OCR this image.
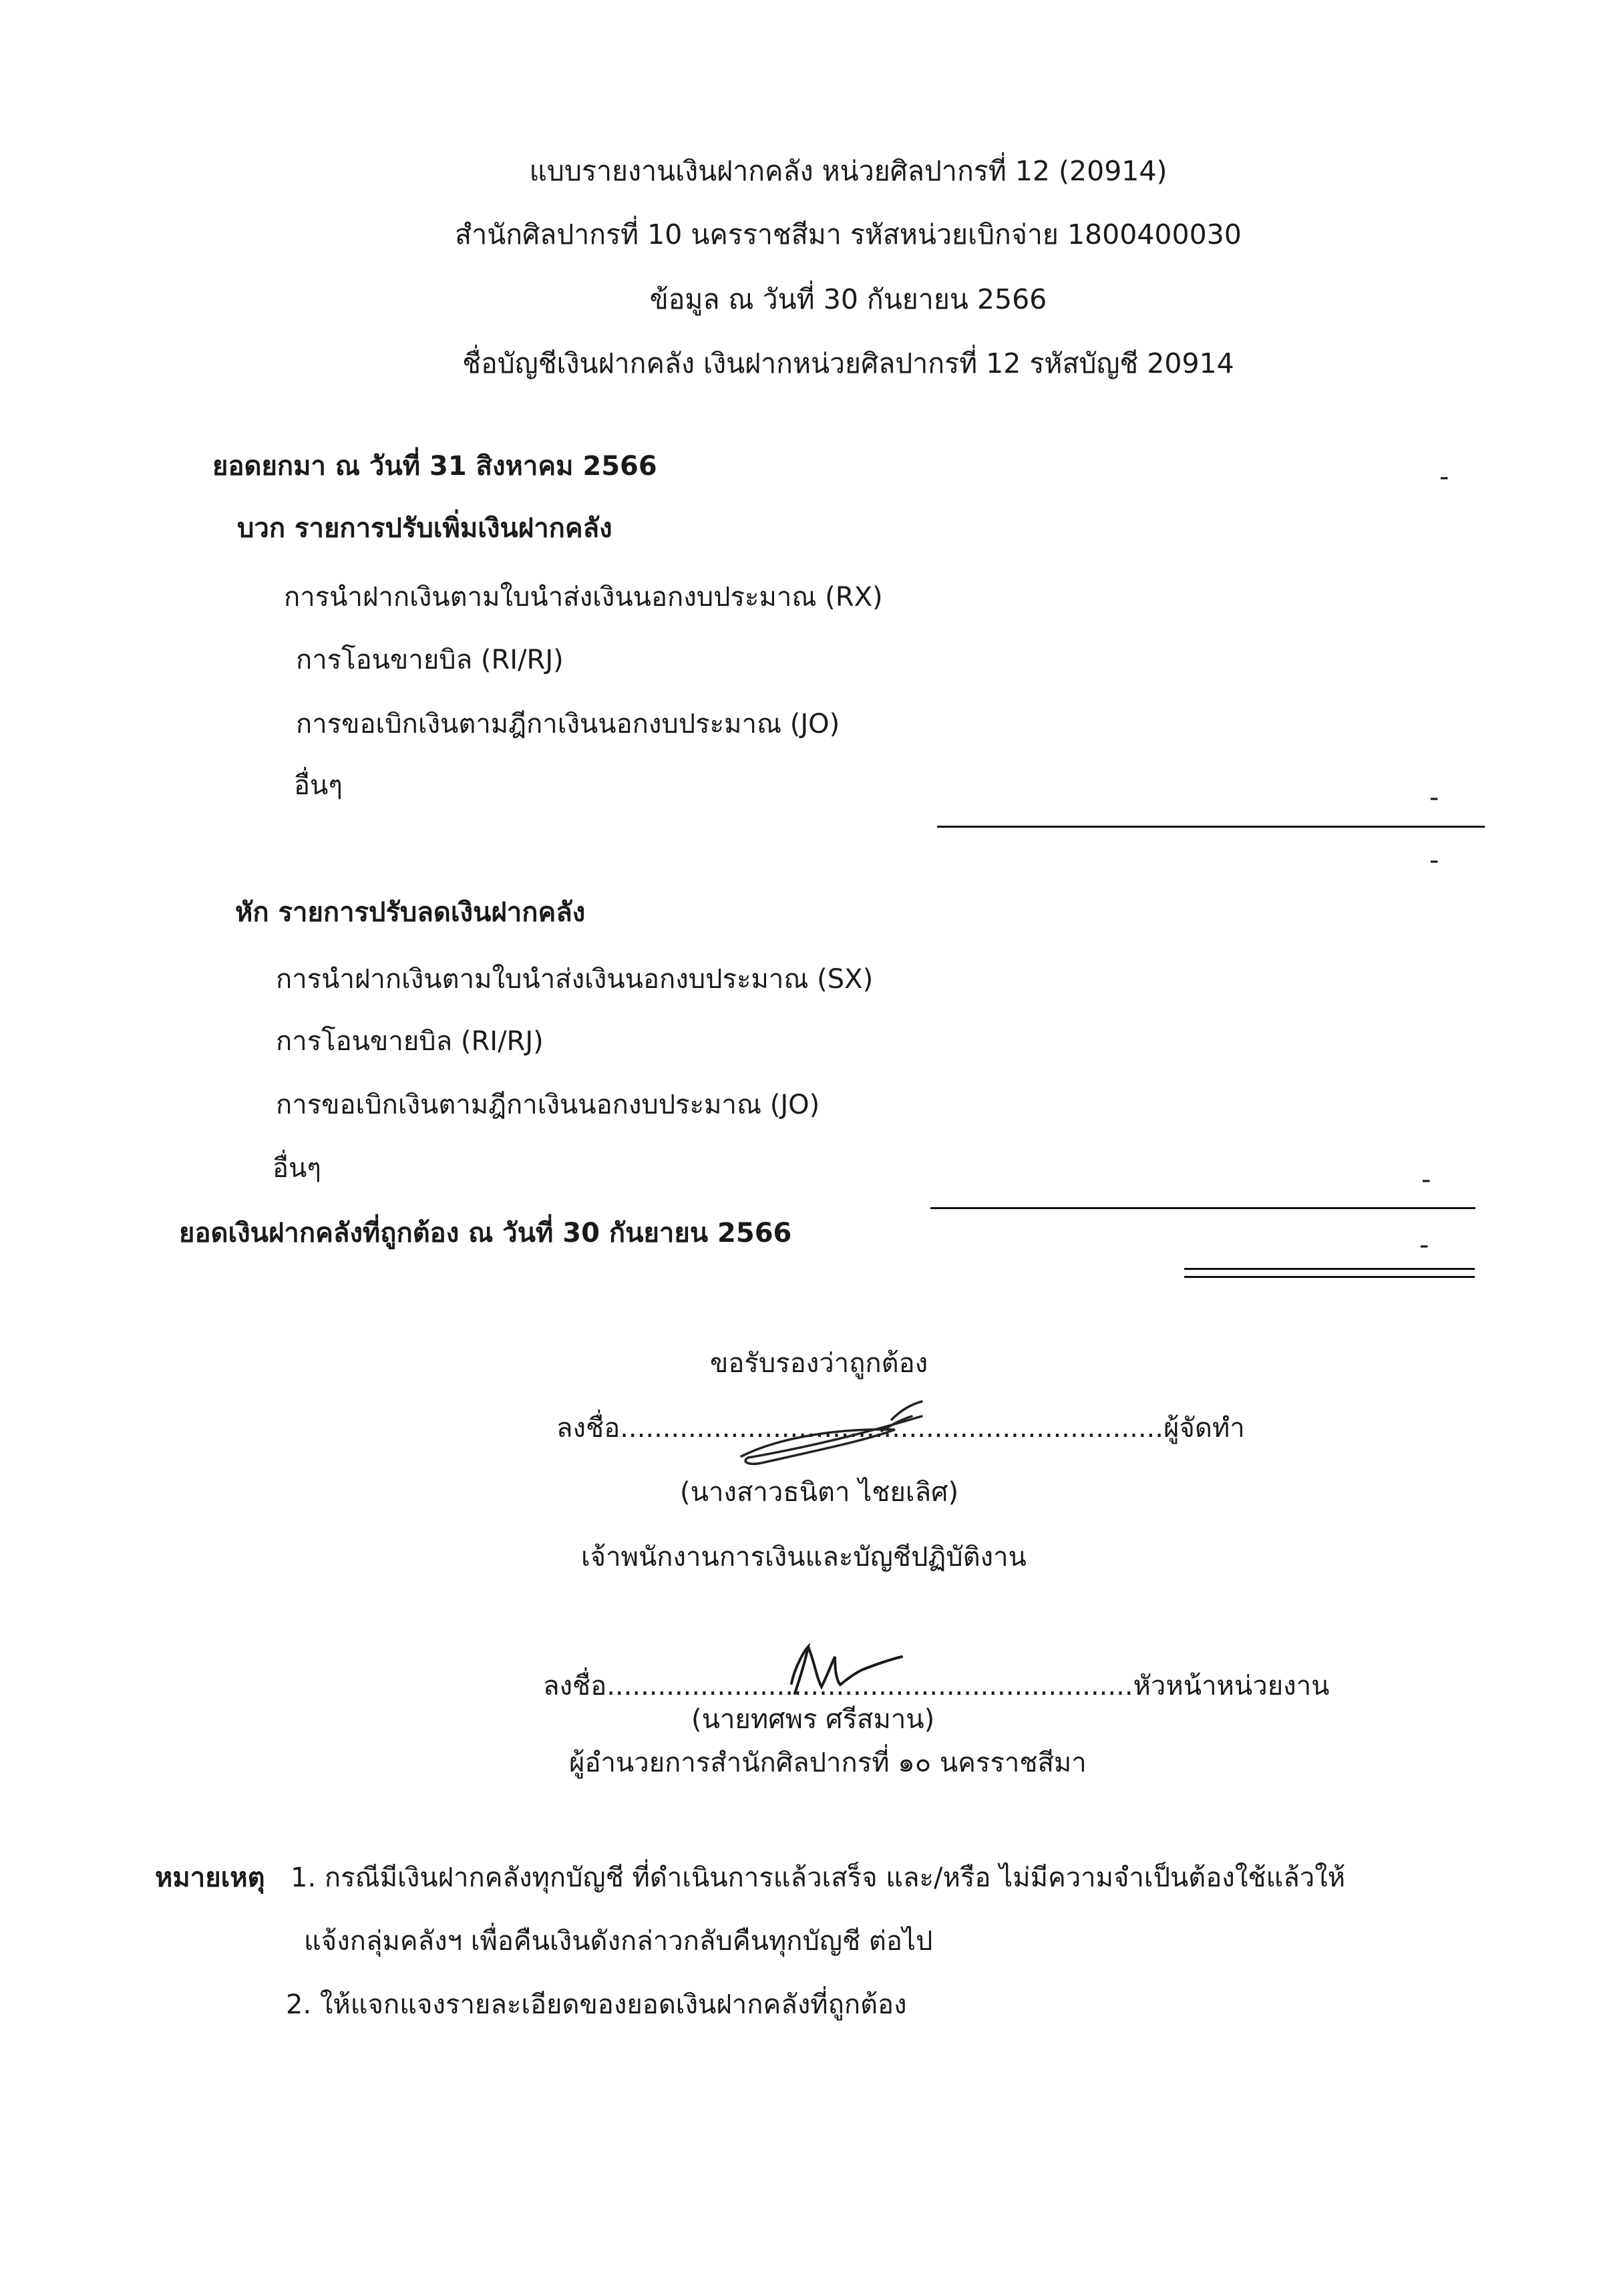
แบบรายงานเงินฝากคลัง หน่วยศิลปากรที่ 12 (20914)
สำนักศิลปากรที่ 10 นครราชสีมา รหัสหน่วยเบิกจ่าย 1800400030
ข้อมูล ณ วันที่ 30 กันยายน 2566
ชื่อบัญชีเงินฝากคลัง เงินฝากหน่วยศิลปากรที่ 12 รหัสบัญชี 20914
ยอดยกมา ณ วันที่ 31 สิงหาคม 2566	-
บวก รายการปรับเพิ่มเงินฝากคลัง
การนำฝากเงินตามใบนำส่งเงินนอกงบประมาณ (RX)
การโอนขายบิล (RI/RJ)
การขอเบิกเงินตามฎีกาเงินนอกงบประมาณ (JO)
อื่นๆ	-
-
หัก รายการปรับลดเงินฝากคลัง
การนำฝากเงินตามใบนำส่งเงินนอกงบประมาณ (SX)
การโอนขายบิล (RI/RJ)
การขอเบิกเงินตามฎีกาเงินนอกงบประมาณ (JO)
อื่นๆ	-
ยอดเงินฝากคลังที่ถูกต้อง ณ วันที่ 30 กันยายน 2566	-
ขอรับรองว่าถูกต้อง
ลงชื่อ................................................................ผู้จัดทำ
(นางสาวธนิตา ไชยเลิศ)
เจ้าพนักงานการเงินและบัญชีปฏิบัติงาน
ลงชื่อ..............................................................หัวหน้าหน่วยงาน
(นายทศพร ศรีสมาน)
ผู้อำนวยการสำนักศิลปากรที่ ๑๐ นครราชสีมา
หมายเหตุ 1. กรณีมีเงินฝากคลังทุกบัญชี ที่ดำเนินการแล้วเสร็จ และ/หรือ ไม่มีความจำเป็นต้องใช้แล้วให้
แจ้งกลุ่มคลังฯ เพื่อคืนเงินดังกล่าวกลับคืนทุกบัญชี ต่อไป
2. ให้แจกแจงรายละเอียดของยอดเงินฝากคลังที่ถูกต้อง
